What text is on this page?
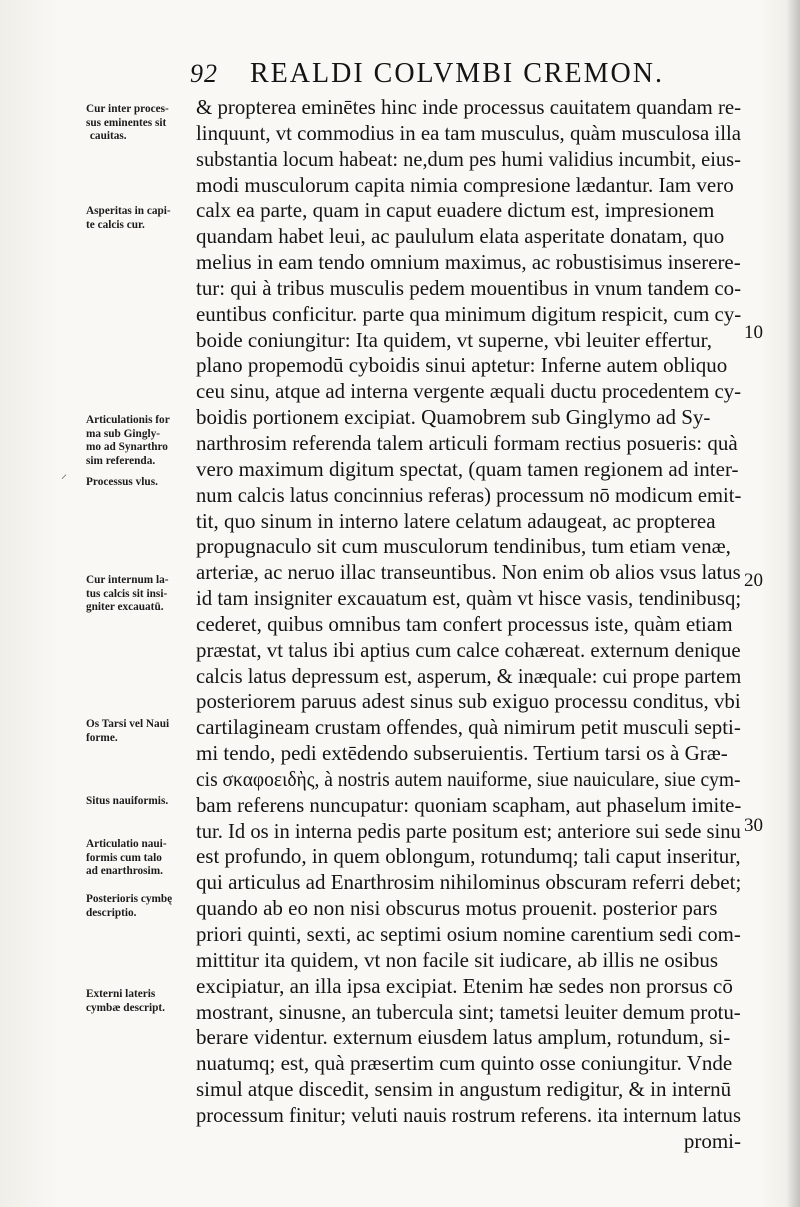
92 REALDI COLVMBI CREMON.
& propterea eminētes hinc inde processus cauitatem quandam re-
linquunt, vt commodius in ea tam musculus, quàm musculosa illa
substantia locum habeat: ne,dum pes humi validius incumbit, eius-
modi musculorum capita nimia compresione lædantur. Iam vero
calx ea parte, quam in caput euadere dictum est, impresionem
quandam habet leui, ac paululum elata asperitate donatam, quo
melius in eam tendo omnium maximus, ac robustisimus inserere-
tur: qui à tribus musculis pedem mouentibus in vnum tandem co-
euntibus conficitur. parte qua minimum digitum respicit, cum cy-
boide coniungitur: Ita quidem, vt superne, vbi leuiter effertur,
plano propemodū cyboidis sinui aptetur: Inferne autem obliquo
ceu sinu, atque ad interna vergente æquali ductu procedentem cy-
boidis portionem excipiat. Quamobrem sub Ginglymo ad Sy-
narthrosim referenda talem articuli formam rectius posueris: quà
vero maximum digitum spectat, (quam tamen regionem ad inter-
num calcis latus concinnius referas) processum nō modicum emit-
tit, quo sinum in interno latere celatum adaugeat, ac propterea
propugnaculo sit cum musculorum tendinibus, tum etiam venæ,
arteriæ, ac neruo illac transeuntibus. Non enim ob alios vsus latus
id tam insigniter excauatum est, quàm vt hisce vasis, tendinibusq;
cederet, quibus omnibus tam confert processus iste, quàm etiam
præstat, vt talus ibi aptius cum calce cohæreat. externum denique
calcis latus depressum est, asperum, & inæquale: cui prope partem
posteriorem paruus adest sinus sub exiguo processu conditus, vbi
cartilagineam crustam offendes, quà nimirum petit musculi septi-
mi tendo, pedi extēdendo subseruientis. Tertium tarsi os à Græ-
cis σκαφοειδὴς, à nostris autem nauiforme, siue nauiculare, siue cym-
bam referens nuncupatur: quoniam scapham, aut phaselum imite-
tur. Id os in interna pedis parte positum est; anteriore sui sede sinu
est profundo, in quem oblongum, rotundumq; tali caput inseritur,
qui articulus ad Enarthrosim nihilominus obscuram referri debet;
quando ab eo non nisi obscurus motus prouenit. posterior pars
priori quinti, sexti, ac septimi osium nomine carentium sedi com-
mittitur ita quidem, vt non facile sit iudicare, ab illis ne osibus
excipiatur, an illa ipsa excipiat. Etenim hæ sedes non prorsus cō
mostrant, sinusne, an tubercula sint; tametsi leuiter demum protu-
berare videntur. externum eiusdem latus amplum, rotundum, si-
nuatumq; est, quà præsertim cum quinto osse coniungitur. Vnde
simul atque discedit, sensim in angustum redigitur, & in internū
processum finitur; veluti nauis rostrum referens. ita internum latus
promi-
Cur inter proces-
sus eminentes sit
cauitas.
Asperitas in capi-
te calcis cur.
Articulationis for
ma sub Gingly-
mo ad Synarthro
sim referenda.
Processus vlus.
Cur internum la-
tus calcis sit insi-
gniter excauatū.
Os Tarsi vel Naui
forme.
Situs nauiformis.
Articulatio naui-
formis cum talo
ad enarthrosim.
Posterioris cymbę
descriptio.
Externi lateris
cymbæ descript.
10
20
30
⸍
